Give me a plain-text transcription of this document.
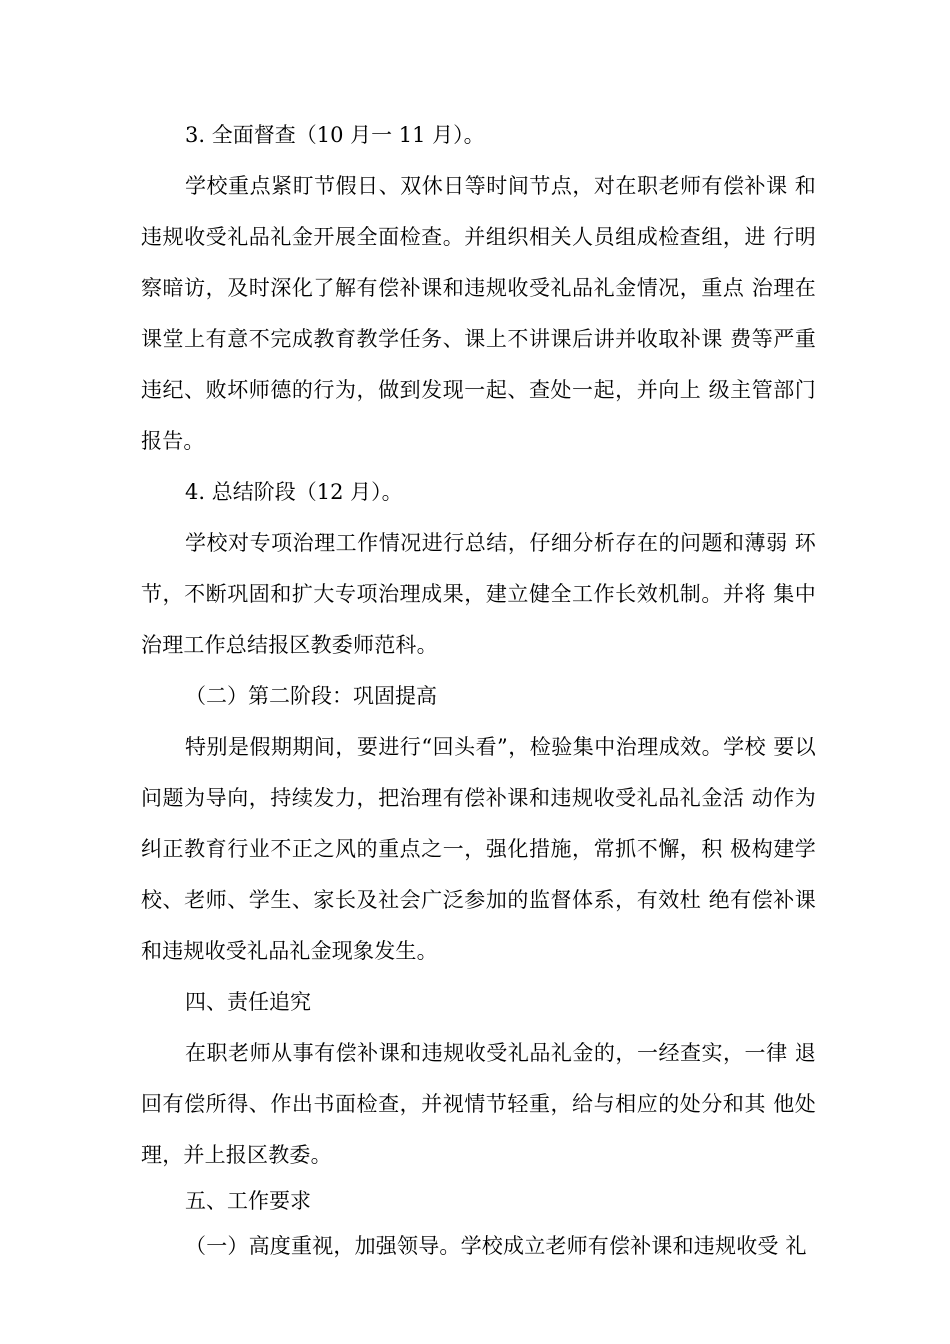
3. 全面督查（10 月一 11 月）。

学校重点紧盯节假日、双休日等时间节点，对在职老师有偿补课 和违规收受礼品礼金开展全面检查。并组织相关人员组成检查组，进 行明察暗访，及时深化了解有偿补课和违规收受礼品礼金情况，重点 治理在课堂上有意不完成教育教学任务、课上不讲课后讲并收取补课 费等严重违纪、败坏师德的行为，做到发现一起、查处一起，并向上 级主管部门报告。

4. 总结阶段（12 月）。

学校对专项治理工作情况进行总结，仔细分析存在的问题和薄弱 环节，不断巩固和扩大专项治理成果，建立健全工作长效机制。并将 集中治理工作总结报区教委师范科。

（二）第二阶段：巩固提高

特别是假期期间，要进行“回头看”，检验集中治理成效。学校 要以问题为导向，持续发力，把治理有偿补课和违规收受礼品礼金活 动作为纠正教育行业不正之风的重点之一，强化措施，常抓不懈，积 极构建学校、老师、学生、家长及社会广泛参加的监督体系，有效杜 绝有偿补课和违规收受礼品礼金现象发生。

四、责任追究

在职老师从事有偿补课和违规收受礼品礼金的，一经查实，一律 退回有偿所得、作出书面检查，并视情节轻重，给与相应的处分和其 他处理，并上报区教委。

五、工作要求

（一）高度重视，加强领导。学校成立老师有偿补课和违规收受 礼
